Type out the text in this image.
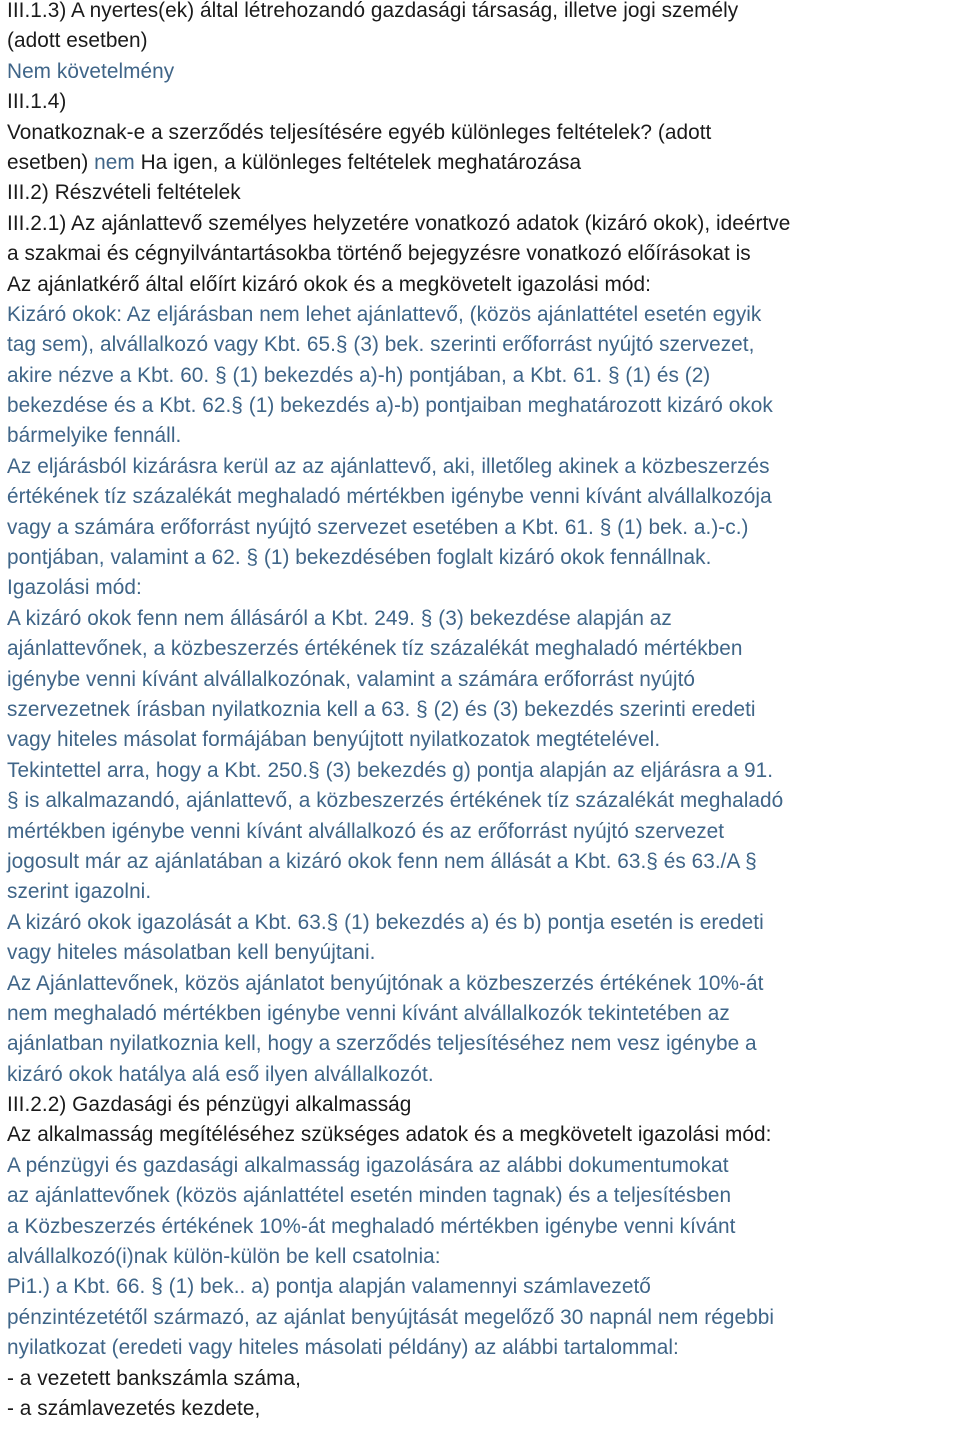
III.1.3) A nyertes(ek) által létrehozandó gazdasági társaság, illetve jogi személy
(adott esetben)
Nem követelmény
III.1.4)
Vonatkoznak-e a szerződés teljesítésére egyéb különleges feltételek? (adott
esetben) nem Ha igen, a különleges feltételek meghatározása
III.2) Részvételi feltételek
III.2.1) Az ajánlattevő személyes helyzetére vonatkozó adatok (kizáró okok), ideértve
a szakmai és cégnyilvántartásokba történő bejegyzésre vonatkozó előírásokat is
Az ajánlatkérő által előírt kizáró okok és a megkövetelt igazolási mód:
Kizáró okok: Az eljárásban nem lehet ajánlattevő, (közös ajánlattétel esetén egyik
tag sem), alvállalkozó vagy Kbt. 65.§ (3) bek. szerinti erőforrást nyújtó szervezet,
akire nézve a Kbt. 60. § (1) bekezdés a)-h) pontjában, a Kbt. 61. § (1) és (2)
bekezdése és a Kbt. 62.§ (1) bekezdés a)-b) pontjaiban meghatározott kizáró okok
bármelyike fennáll.
Az eljárásból kizárásra kerül az az ajánlattevő, aki, illetőleg akinek a közbeszerzés
értékének tíz százalékát meghaladó mértékben igénybe venni kívánt alvállalkozója
vagy a számára erőforrást nyújtó szervezet esetében a Kbt. 61. § (1) bek. a.)-c.)
pontjában, valamint a 62. § (1) bekezdésében foglalt kizáró okok fennállnak.
Igazolási mód:
A kizáró okok fenn nem állásáról a Kbt. 249. § (3) bekezdése alapján az
ajánlattevőnek, a közbeszerzés értékének tíz százalékát meghaladó mértékben
igénybe venni kívánt alvállalkozónak, valamint a számára erőforrást nyújtó
szervezetnek írásban nyilatkoznia kell a 63. § (2) és (3) bekezdés szerinti eredeti
vagy hiteles másolat formájában benyújtott nyilatkozatok megtételével.
Tekintettel arra, hogy a Kbt. 250.§ (3) bekezdés g) pontja alapján az eljárásra a 91.
§ is alkalmazandó, ajánlattevő, a közbeszerzés értékének tíz százalékát meghaladó
mértékben igénybe venni kívánt alvállalkozó és az erőforrást nyújtó szervezet
jogosult már az ajánlatában a kizáró okok fenn nem állását a Kbt. 63.§ és 63./A §
szerint igazolni.
A kizáró okok igazolását a Kbt. 63.§ (1) bekezdés a) és b) pontja esetén is eredeti
vagy hiteles másolatban kell benyújtani.
Az Ajánlattevőnek, közös ajánlatot benyújtónak a közbeszerzés értékének 10%-át
nem meghaladó mértékben igénybe venni kívánt alvállalkozók tekintetében az
ajánlatban nyilatkoznia kell, hogy a szerződés teljesítéséhez nem vesz igénybe a
kizáró okok hatálya alá eső ilyen alvállalkozót.
III.2.2) Gazdasági és pénzügyi alkalmasság
Az alkalmasság megítéléséhez szükséges adatok és a megkövetelt igazolási mód:
A pénzügyi és gazdasági alkalmasság igazolására az alábbi dokumentumokat
az ajánlattevőnek (közös ajánlattétel esetén minden tagnak) és a teljesítésben
a Közbeszerzés értékének 10%-át meghaladó mértékben igénybe venni kívánt
alvállalkozó(i)nak külön-külön be kell csatolnia:
Pi1.) a Kbt. 66. § (1) bek.. a) pontja alapján valamennyi számlavezető
pénzintézetétől származó, az ajánlat benyújtását megelőző 30 napnál nem régebbi
nyilatkozat (eredeti vagy hiteles másolati példány) az alábbi tartalommal:
- a vezetett bankszámla száma,
- a számlavezetés kezdete,
